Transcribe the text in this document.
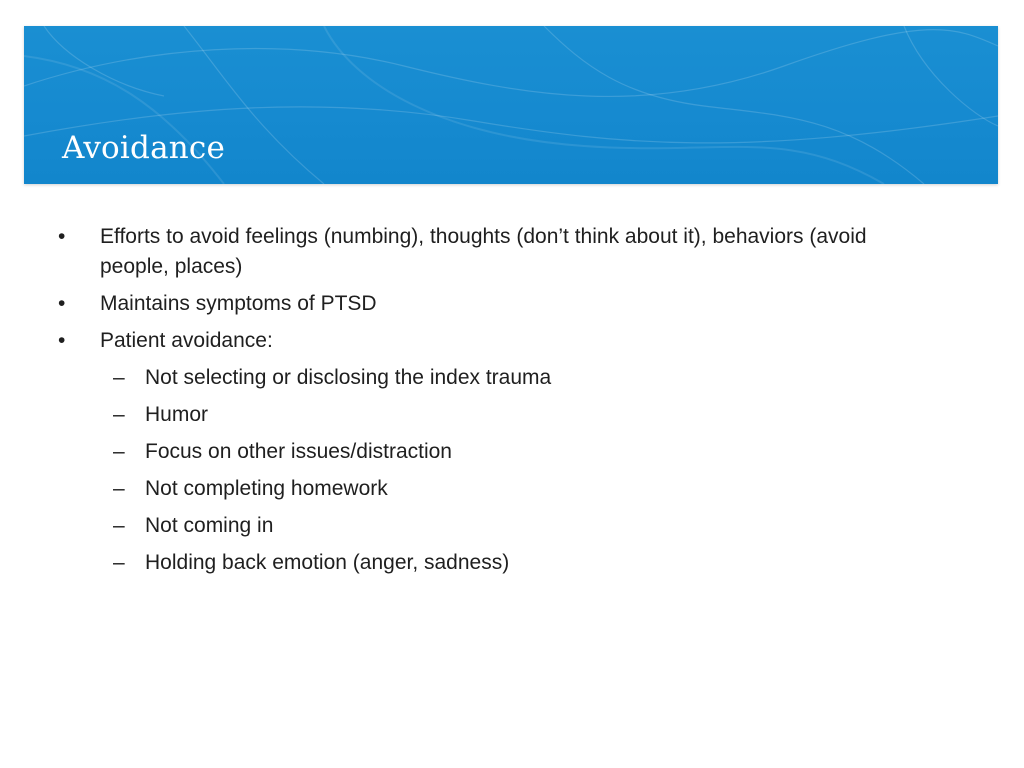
Avoidance
• Efforts to avoid feelings (numbing), thoughts (don’t think about it), behaviors (avoid people, places)
• Maintains symptoms of PTSD
• Patient avoidance:
– Not selecting or disclosing the index trauma
– Humor
– Focus on other issues/distraction
– Not completing homework
– Not coming in
– Holding back emotion (anger, sadness)
